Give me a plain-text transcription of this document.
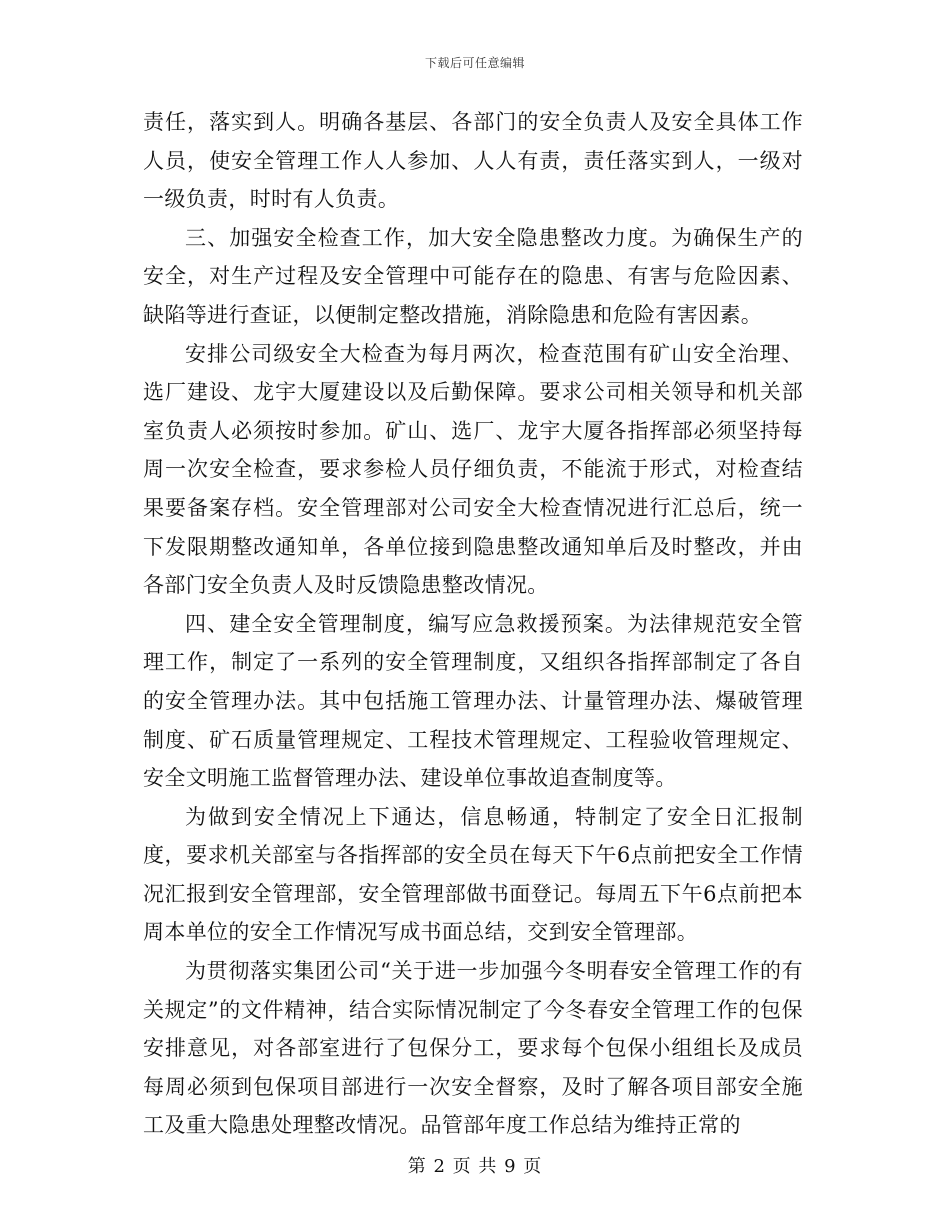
下载后可任意编辑

责任，落实到人。明确各基层、各部门的安全负责人及安全具体工作人员，使安全管理工作人人参加、人人有责，责任落实到人，一级对一级负责，时时有人负责。

三、加强安全检查工作，加大安全隐患整改力度。为确保生产的安全，对生产过程及安全管理中可能存在的隐患、有害与危险因素、缺陷等进行查证，以便制定整改措施，消除隐患和危险有害因素。

安排公司级安全大检查为每月两次，检查范围有矿山安全治理、选厂建设、龙宇大厦建设以及后勤保障。要求公司相关领导和机关部室负责人必须按时参加。矿山、选厂、龙宇大厦各指挥部必须坚持每周一次安全检查，要求参检人员仔细负责，不能流于形式，对检查结果要备案存档。安全管理部对公司安全大检查情况进行汇总后，统一下发限期整改通知单，各单位接到隐患整改通知单后及时整改，并由各部门安全负责人及时反馈隐患整改情况。

四、建全安全管理制度，编写应急救援预案。为法律规范安全管理工作，制定了一系列的安全管理制度，又组织各指挥部制定了各自的安全管理办法。其中包括施工管理办法、计量管理办法、爆破管理制度、矿石质量管理规定、工程技术管理规定、工程验收管理规定、安全文明施工监督管理办法、建设单位事故追查制度等。

为做到安全情况上下通达，信息畅通，特制定了安全日汇报制度，要求机关部室与各指挥部的安全员在每天下午6点前把安全工作情况汇报到安全管理部，安全管理部做书面登记。每周五下午6点前把本周本单位的安全工作情况写成书面总结，交到安全管理部。

为贯彻落实集团公司“关于进一步加强今冬明春安全管理工作的有关规定”的文件精神，结合实际情况制定了今冬春安全管理工作的包保安排意见，对各部室进行了包保分工，要求每个包保小组组长及成员每周必须到包保项目部进行一次安全督察，及时了解各项目部安全施工及重大隐患处理整改情况。品管部年度工作总结为维持正常的

第 2 页 共 9 页
